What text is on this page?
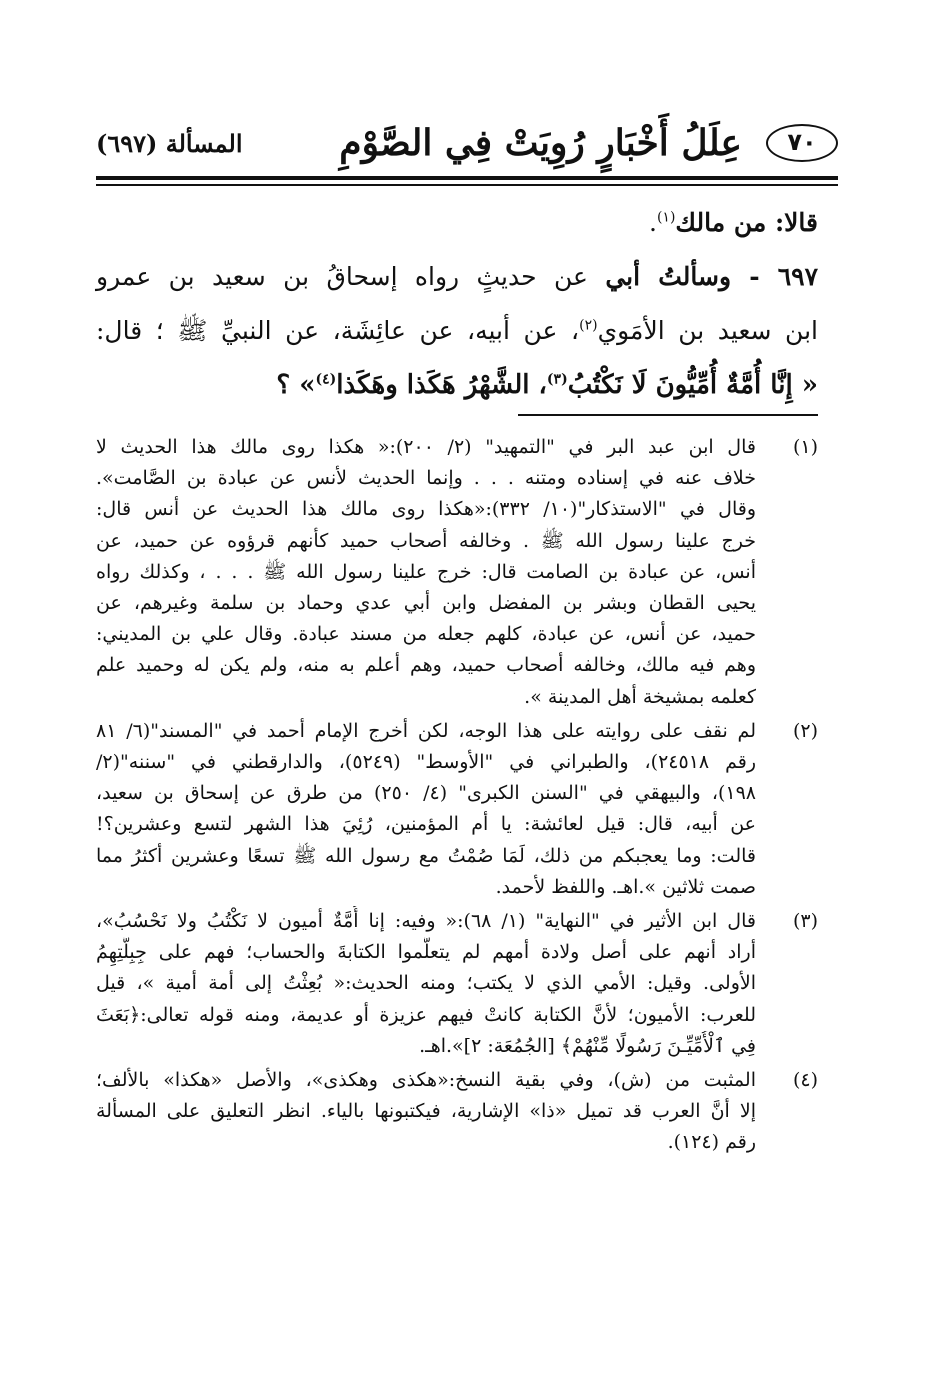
٧٠
عِلَلُ أَخْبَارٍ رُوِيَتْ فِي الصَّوْمِ
المسألة (٦٩٧)
قالا: من مالك$^{(١)}$.
٦٩٧ - وسألتُ أبي عن حديثٍ رواه إسحاقُ بن سعيد بن عمرو
ابن سعيد بن الأمَوي$^{(٢)}$، عن أبيه، عن عائِشَة، عن النبيِّ ﷺ ؛ قال:
« إِنَّا أُمَّةٌ أُمِّيُّونَ لَا نَكْتُبُ$^{(٣)}$، الشَّهْرُ هَكَذا وهَكَذا$^{(٤)}$» ؟
(١)
قال ابن عبد البر في "التمهيد" (٢/ ٢٠٠):« هكذا روى مالك هذا الحديث لا
خلاف عنه في إسناده ومتنه . . . وإنما الحديث لأنس عن عبادة بن الصَّامت».
وقال في "الاستذكار"(١٠/ ٣٣٢):«هكذا روى مالك هذا الحديث عن أنس قال:
خرج علينا رسول الله ﷺ . وخالفه أصحاب حميد كأنهم قرؤوه عن حميد، عن
أنس، عن عبادة بن الصامت قال: خرج علينا رسول الله ﷺ . . . ، وكذلك رواه
يحيى القطان وبشر بن المفضل وابن أبي عدي وحماد بن سلمة وغيرهم، عن
حميد، عن أنس، عن عبادة، كلهم جعله من مسند عبادة. وقال علي بن المديني:
وهم فيه مالك، وخالفه أصحاب حميد، وهم أعلم به منه، ولم يكن له وحميد علم
كعلمه بمشيخة أهل المدينة ».
(٢)
لم نقف على روايته على هذا الوجه، لكن أخرج الإمام أحمد في "المسند"(٦/ ٨١
رقم ٢٤٥١٨)، والطبراني في "الأوسط" (٥٢٤٩)، والدارقطني في "سننه"(٢/
١٩٨)، والبيهقي في "السنن الكبرى" (٤/ ٢٥٠) من طرق عن إسحاق بن سعيد،
عن أبيه، قال: قيل لعائشة: يا أم المؤمنين، رُئِيَ هذا الشهر لتسع وعشرين؟!
قالت: وما يعجبكم من ذلك، لَمَا صُمْتُ مع رسول الله ﷺ تسعًا وعشرين أكثرُ مما
صمت ثلاثين ».اهـ. واللفظ لأحمد.
(٣)
قال ابن الأثير في "النهاية" (١/ ٦٨):« وفيه: إنا أُمَّةٌ أميون لا نَكْتُبُ ولا نَحْسُبُ»،
أراد أنهم على أصل ولادة أمهم لم يتعلَّموا الكتابةَ والحساب؛ فهم على جِبِلَّتِهِمُ
الأولى. وقيل: الأمي الذي لا يكتب؛ ومنه الحديث:« بُعِثْتُ إلى أمة أمية »، قيل
للعرب: الأميون؛ لأنَّ الكتابة كانتْ فيهم عزيزة أو عديمة، ومنه قوله تعالى:﴿بَعَثَ
فِي ٱلْأُمِّيِّـنَ رَسُولًا مِّنْهُمْ﴾ [الجُمُعَة: ٢]».اهـ.
(٤)
المثبت من (ش)، وفي بقية النسخ:«هكذى وهكذى»، والأصل «هكذا» بالألف؛
إلا أنَّ العرب قد تميل «ذا» الإشارية، فيكتبونها بالياء. انظر التعليق على المسألة
رقم (١٢٤).
